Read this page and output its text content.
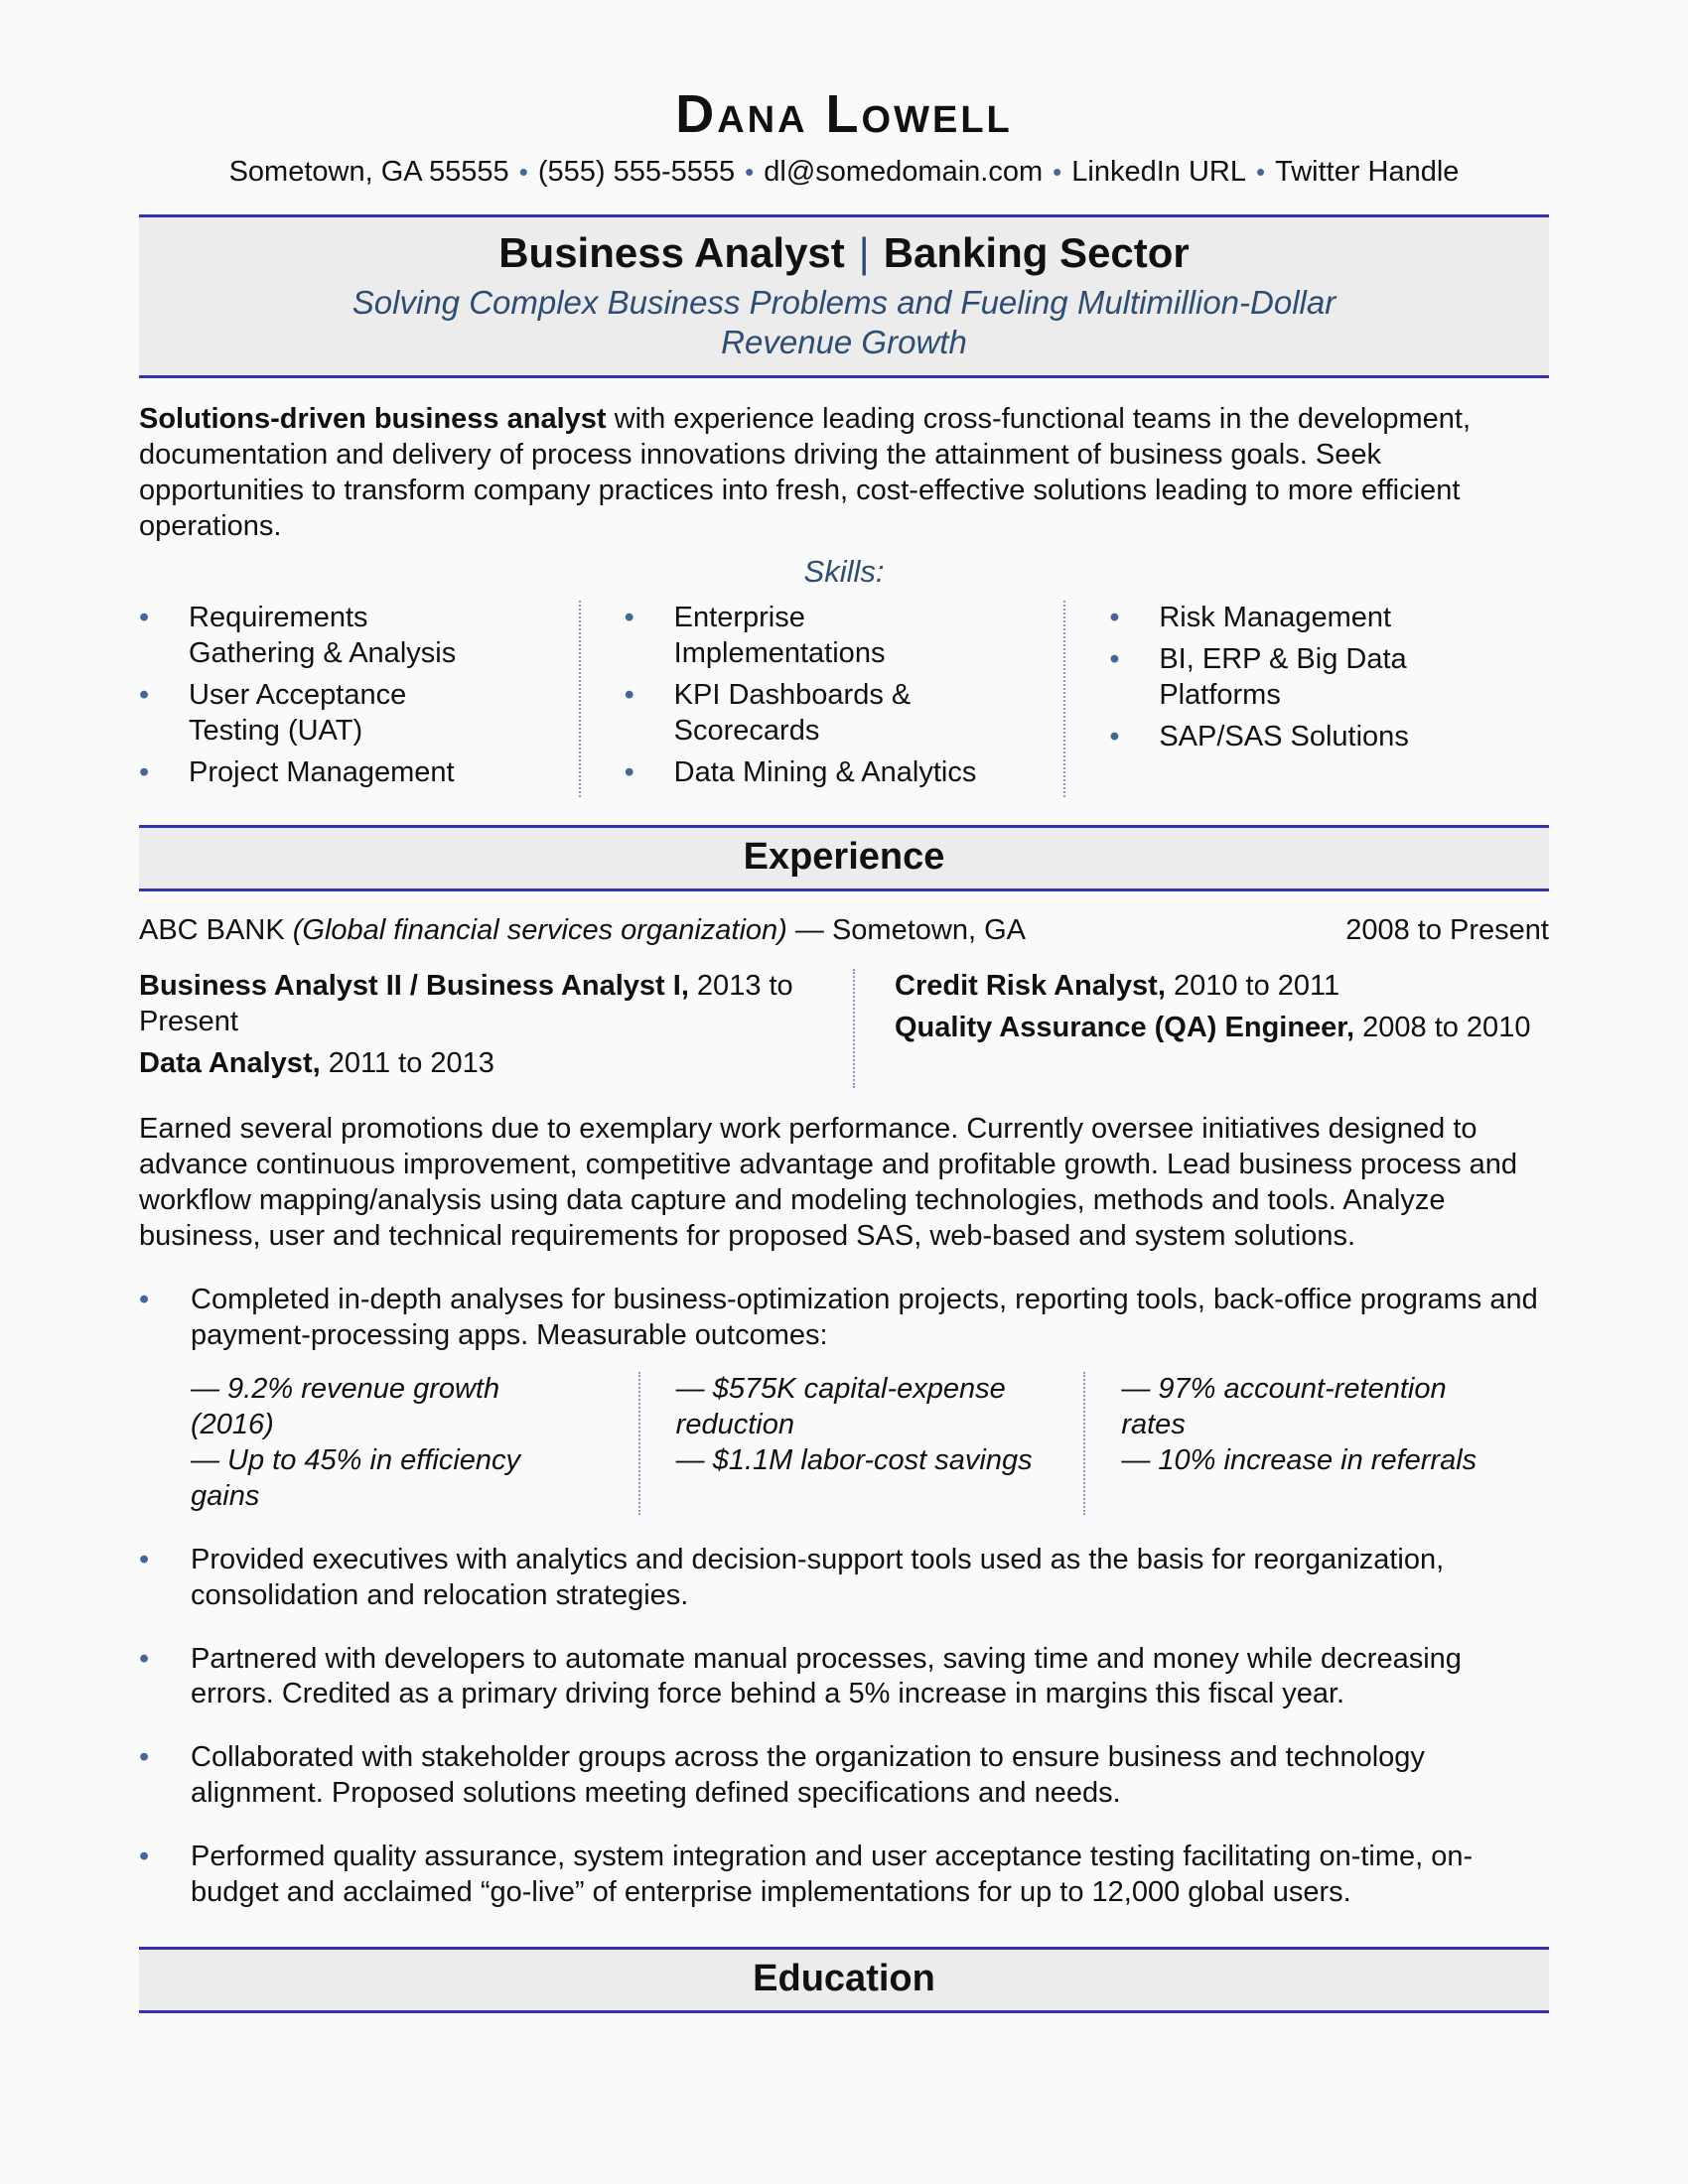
Dana Lowell
Sometown, GA 55555 • (555) 555-5555 • dl@somedomain.com • LinkedIn URL • Twitter Handle
Business Analyst | Banking Sector
Solving Complex Business Problems and Fueling Multimillion-Dollar Revenue Growth

Solutions-driven business analyst with experience leading cross-functional teams in the development, documentation and delivery of process innovations driving the attainment of business goals. Seek opportunities to transform company practices into fresh, cost-effective solutions leading to more efficient operations.

Skills:
•	Requirements Gathering & Analysis
•	User Acceptance Testing (UAT)
•	Project Management
•	Enterprise Implementations
•	KPI Dashboards & Scorecards
•	Data Mining & Analytics
•	Risk Management
•	BI, ERP & Big Data Platforms
•	SAP/SAS Solutions
Experience
ABC BANK (Global financial services organization) — Sometown, GA	2008 to Present

Business Analyst II / Business Analyst I, 2013 to Present

Data Analyst, 2011 to 2013

Credit Risk Analyst, 2010 to 2011

Quality Assurance (QA) Engineer, 2008 to 2010

Earned several promotions due to exemplary work performance. Currently oversee initiatives designed to advance continuous improvement, competitive advantage and profitable growth. Lead business process and workflow mapping/analysis using data capture and modeling technologies, methods and tools. Analyze business, user and technical requirements for proposed SAS, web-based and system solutions.

•	Completed in-depth analyses for business-optimization projects, reporting tools, back-office programs and payment-processing apps. Measurable outcomes:
— 9.2% revenue growth (2016)
— Up to 45% in efficiency gains
— $575K capital-expense reduction
— $1.1M labor-cost savings
— 97% account-retention rates
— 10% increase in referrals
•	Provided executives with analytics and decision-support tools used as the basis for reorganization, consolidation and relocation strategies.
•	Partnered with developers to automate manual processes, saving time and money while decreasing errors. Credited as a primary driving force behind a 5% increase in margins this fiscal year.
•	Collaborated with stakeholder groups across the organization to ensure business and technology alignment. Proposed solutions meeting defined specifications and needs.
•	Performed quality assurance, system integration and user acceptance testing facilitating on-time, on-budget and acclaimed “go-live” of enterprise implementations for up to 12,000 global users.
Education
